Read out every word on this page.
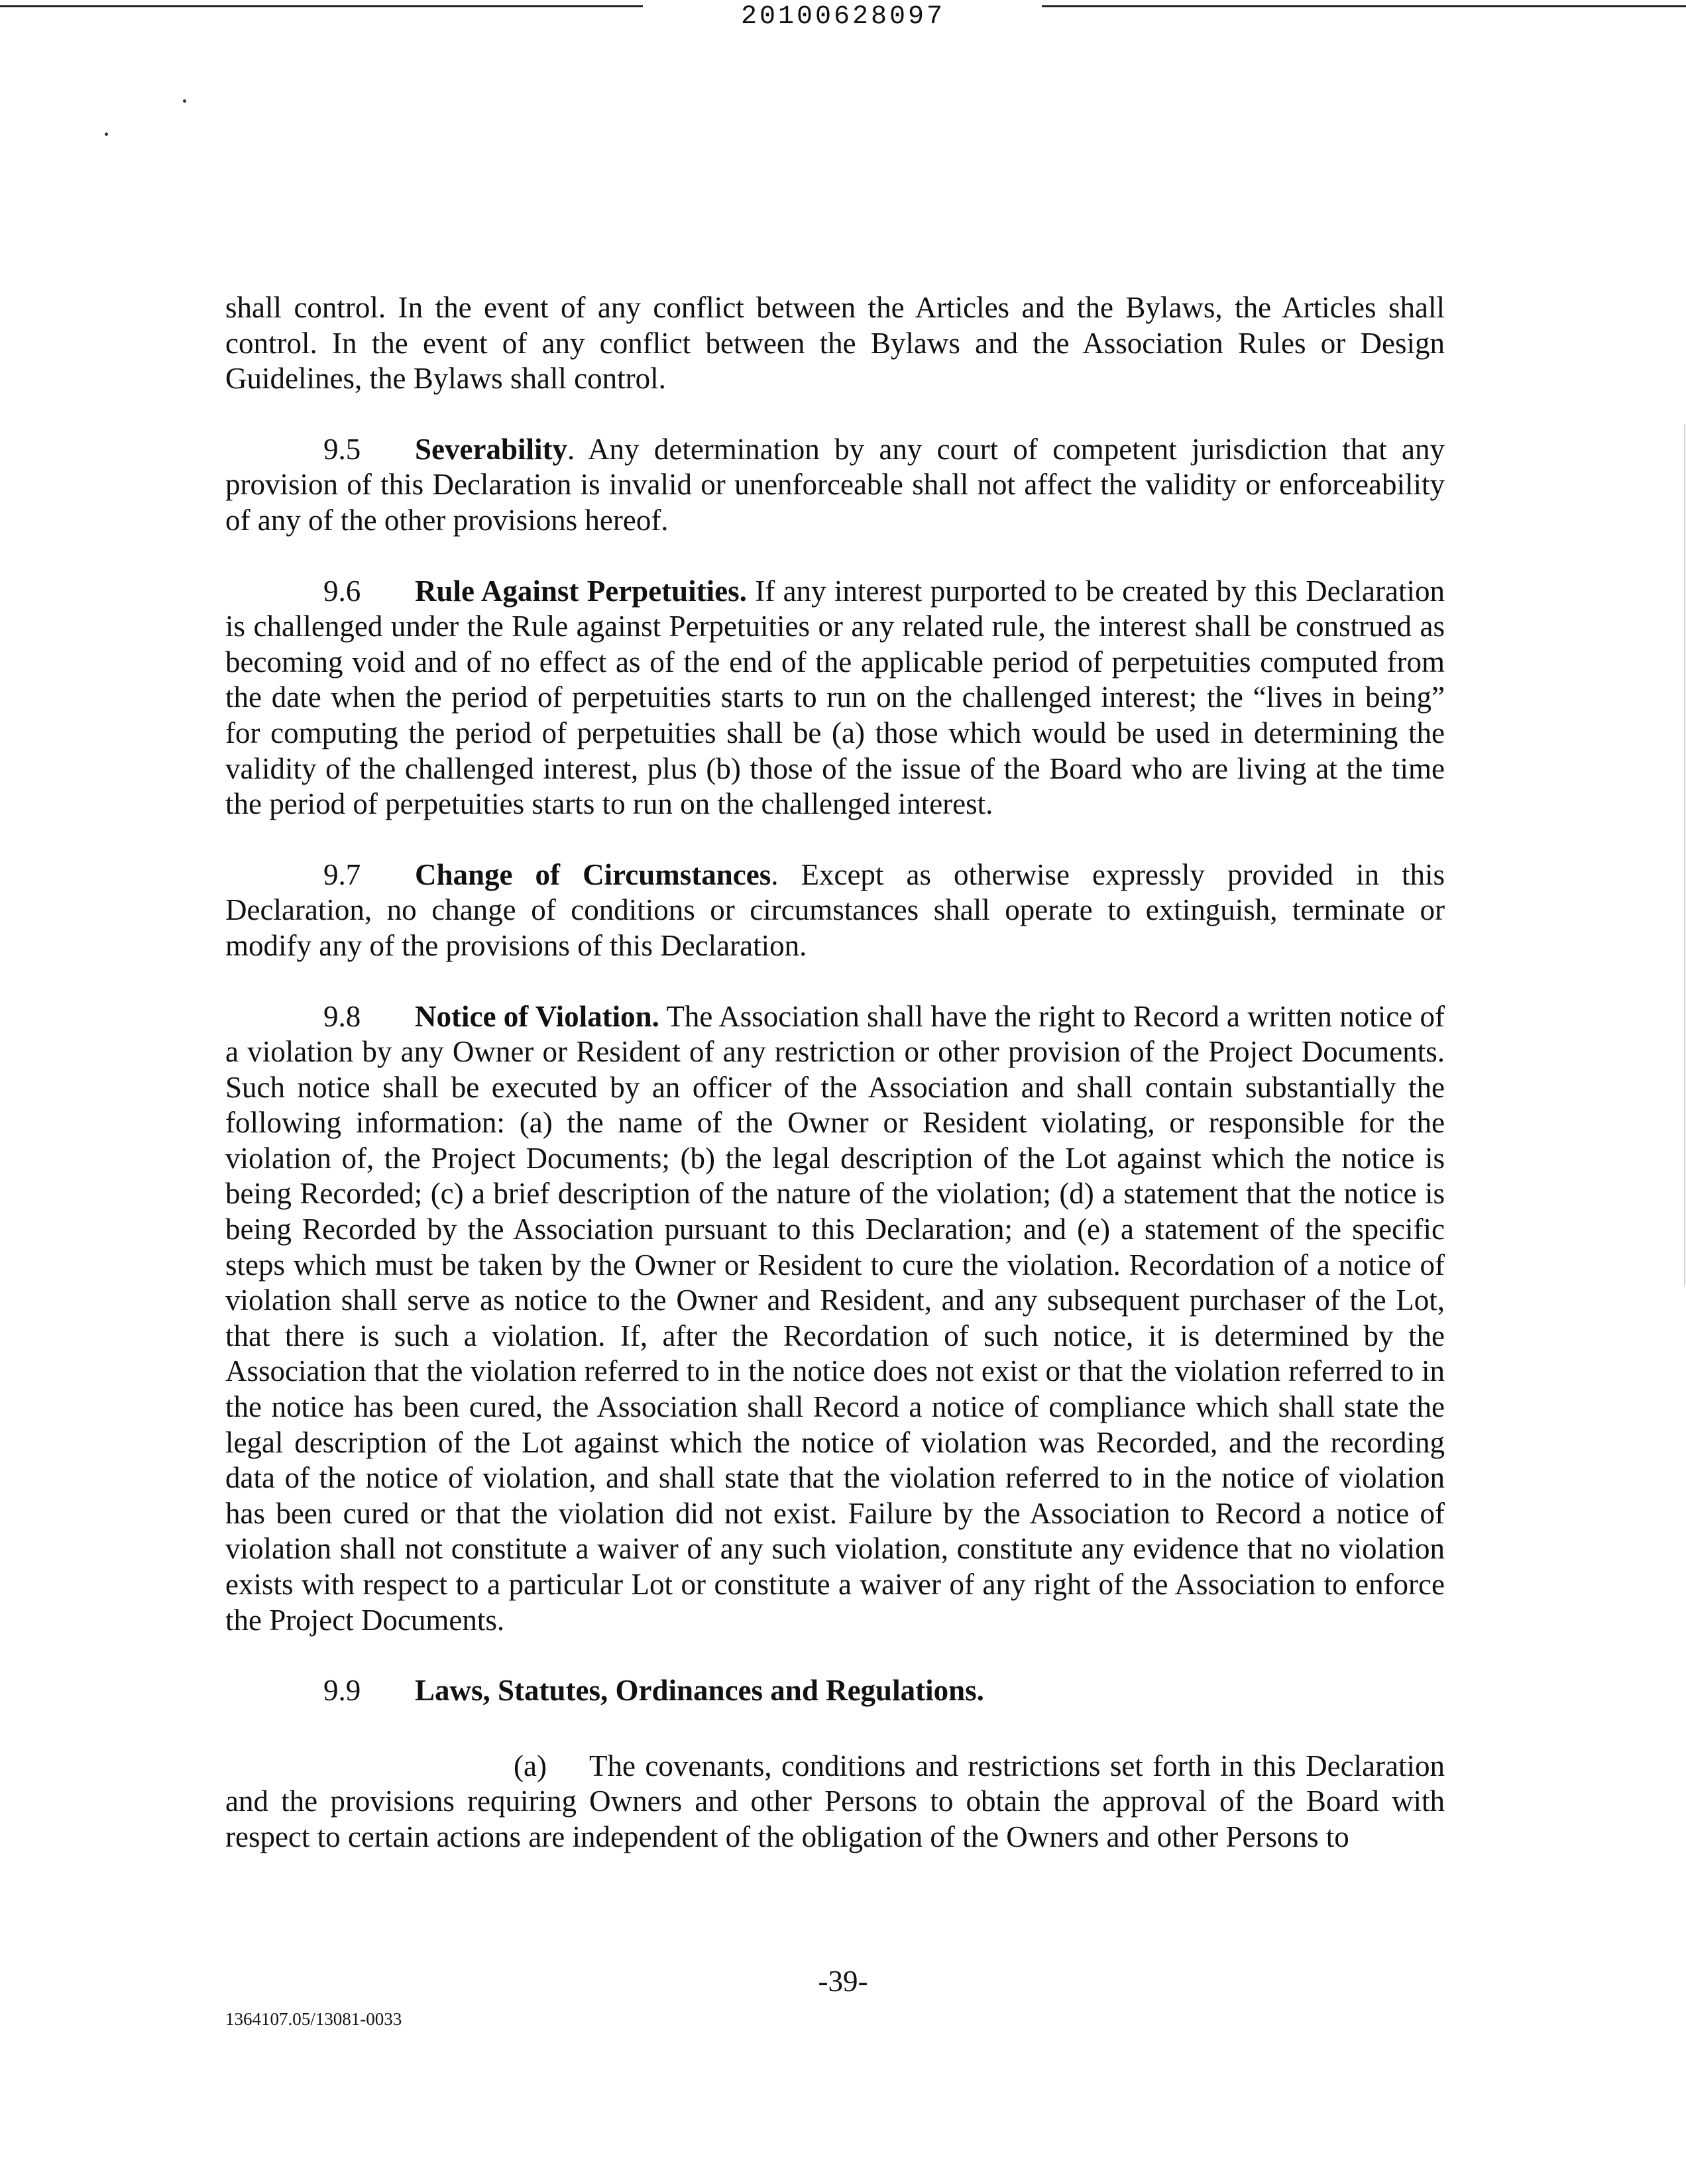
20100628097

shall control. In the event of any conflict between the Articles and the Bylaws, the Articles shall control. In the event of any conflict between the Bylaws and the Association Rules or Design Guidelines, the Bylaws shall control.

9.5 Severability. Any determination by any court of competent jurisdiction that any provision of this Declaration is invalid or unenforceable shall not affect the validity or enforceability of any of the other provisions hereof.

9.6 Rule Against Perpetuities. If any interest purported to be created by this Declaration is challenged under the Rule against Perpetuities or any related rule, the interest shall be construed as becoming void and of no effect as of the end of the applicable period of perpetuities computed from the date when the period of perpetuities starts to run on the challenged interest; the “lives in being” for computing the period of perpetuities shall be (a) those which would be used in determining the validity of the challenged interest, plus (b) those of the issue of the Board who are living at the time the period of perpetuities starts to run on the challenged interest.

9.7 Change of Circumstances. Except as otherwise expressly provided in this Declaration, no change of conditions or circumstances shall operate to extinguish, terminate or modify any of the provisions of this Declaration.

9.8 Notice of Violation. The Association shall have the right to Record a written notice of a violation by any Owner or Resident of any restriction or other provision of the Project Documents. Such notice shall be executed by an officer of the Association and shall contain substantially the following information: (a) the name of the Owner or Resident violating, or responsible for the violation of, the Project Documents; (b) the legal description of the Lot against which the notice is being Recorded; (c) a brief description of the nature of the violation; (d) a statement that the notice is being Recorded by the Association pursuant to this Declaration; and (e) a statement of the specific steps which must be taken by the Owner or Resident to cure the violation. Recordation of a notice of violation shall serve as notice to the Owner and Resident, and any subsequent purchaser of the Lot, that there is such a violation. If, after the Recordation of such notice, it is determined by the Association that the violation referred to in the notice does not exist or that the violation referred to in the notice has been cured, the Association shall Record a notice of compliance which shall state the legal description of the Lot against which the notice of violation was Recorded, and the recording data of the notice of violation, and shall state that the violation referred to in the notice of violation has been cured or that the violation did not exist. Failure by the Association to Record a notice of violation shall not constitute a waiver of any such violation, constitute any evidence that no violation exists with respect to a particular Lot or constitute a waiver of any right of the Association to enforce the Project Documents.

9.9 Laws, Statutes, Ordinances and Regulations.

(a) The covenants, conditions and restrictions set forth in this Declaration and the provisions requiring Owners and other Persons to obtain the approval of the Board with respect to certain actions are independent of the obligation of the Owners and other Persons to

-39-
1364107.05/13081-0033
